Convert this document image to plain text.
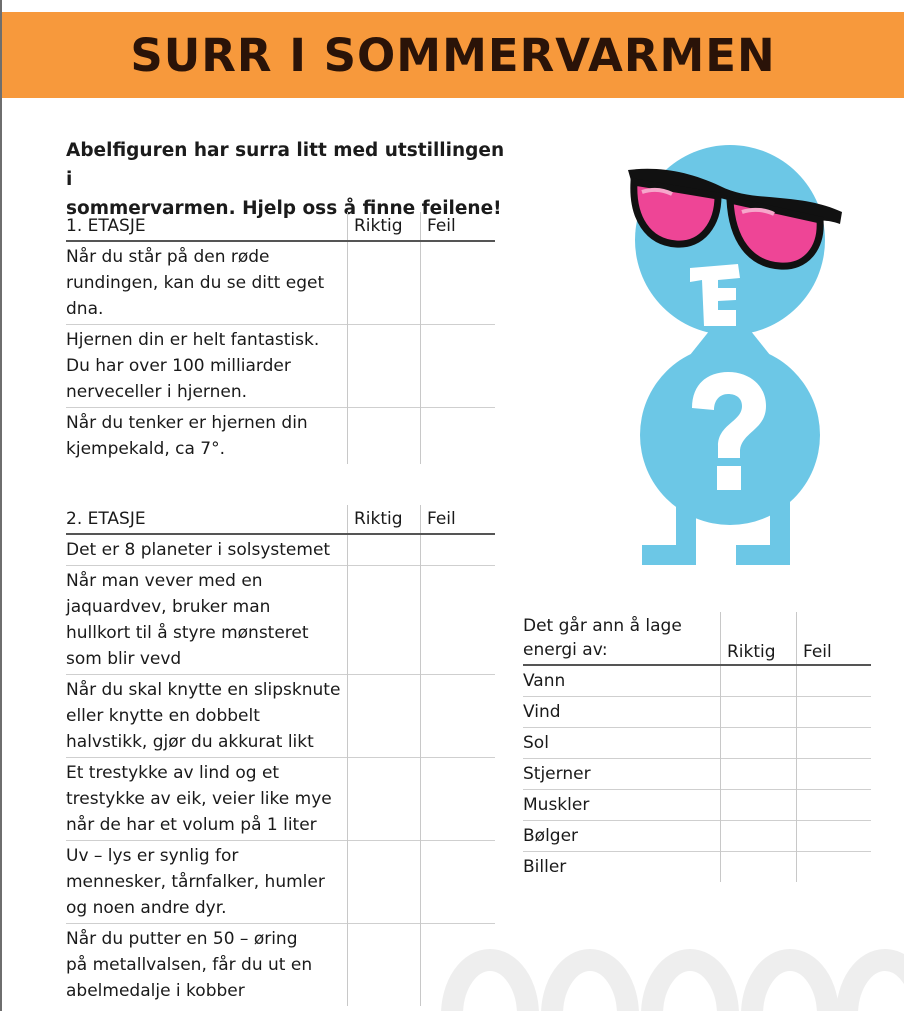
SURR I SOMMERVARMEN
Abelfiguren har surra litt med utstillingen i
sommervarmen. Hjelp oss å finne feilene!
1. ETASJE	Riktig	Feil

Når du står på den røde
rundingen, kan du se ditt eget
dna.		

Hjernen din er helt fantastisk.
Du har over 100 milliarder
nerveceller i hjernen.		

Når du tenker er hjernen din
kjempekald, ca 7°.		

2. ETASJE	Riktig	Feil

Det er 8 planeter i solsystemet		

Når man vever med en
jaquardvev, bruker man
hullkort til å styre mønsteret
som blir vevd		

Når du skal knytte en slipsknute
eller knytte en dobbelt
halvstikk, gjør du akkurat likt		

Et trestykke av lind og et
trestykke av eik, veier like mye
når de har et volum på 1 liter		

Uv – lys er synlig for
mennesker, tårnfalker, humler
og noen andre dyr.		

Når du putter en 50 – øring
på metallvalsen, får du ut en
abelmedalje i kobber		

Det går ann å lage
energi av:	Riktig	Feil
Vann		
Vind		
Sol		
Stjerner		
Muskler		
Bølger		
Biller		
